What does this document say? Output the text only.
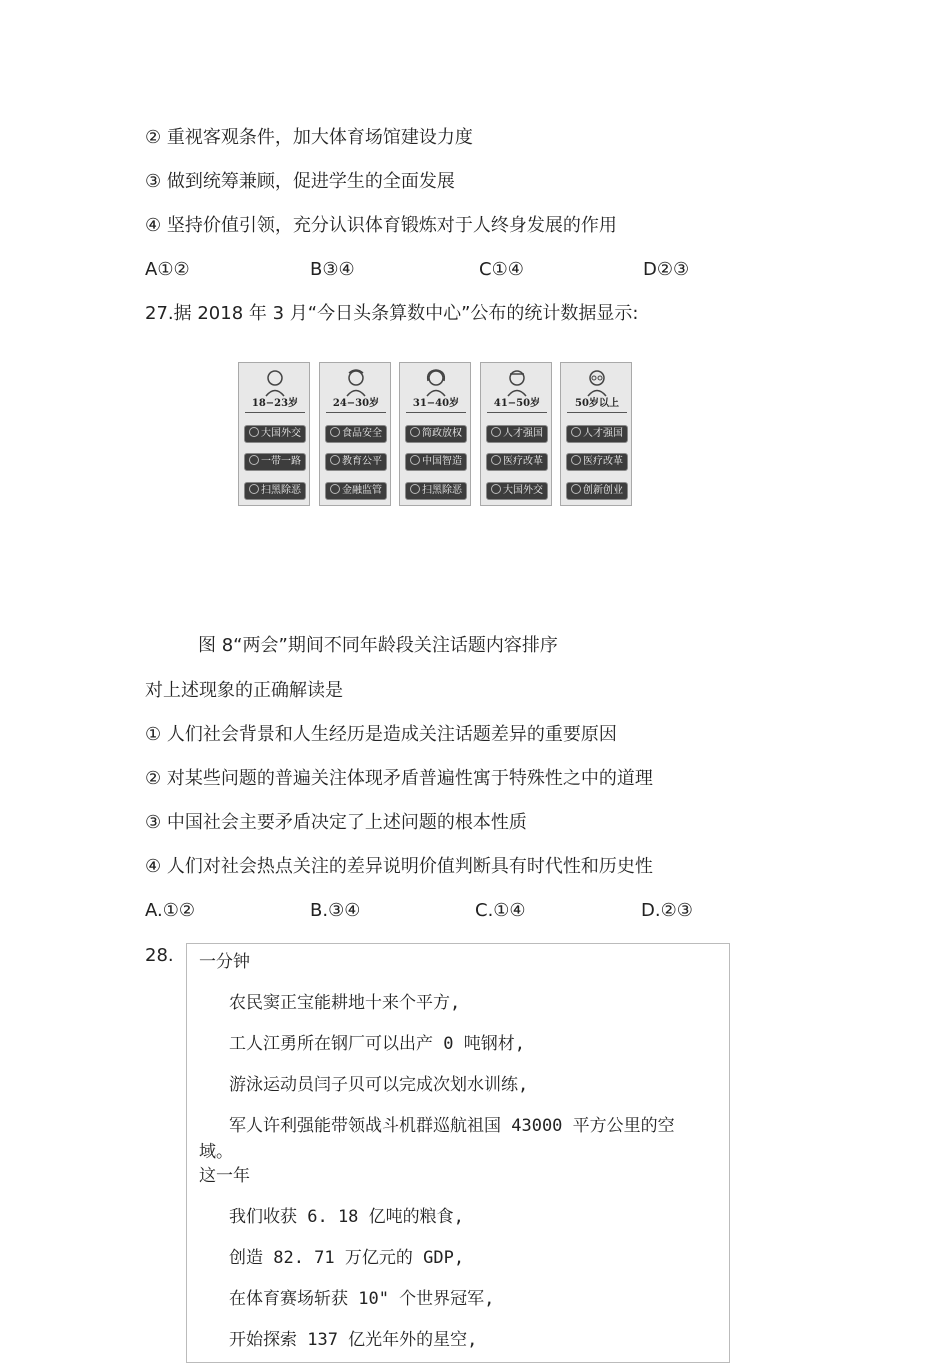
② 重视客观条件，加大体育场馆建设力度
③ 做到统筹兼顾，促进学生的全面发展
④ 坚持价值引领，充分认识体育锻炼对于人终身发展的作用
A①②	B③④	C①④	D②③
27.据 2018 年 3 月“今日头条算数中心”公布的统计数据显示:
18−23岁
大国外交
一带一路
扫黑除恶
24−30岁
食品安全
教育公平
金融监管
31−40岁
简政放权
中国智造
扫黑除恶
41−50岁
人才强国
医疗改革
大国外交
50岁以上
人才强国
医疗改革
创新创业
图 8“两会”期间不同年龄段关注话题内容排序
对上述现象的正确解读是
① 人们社会背景和人生经历是造成关注话题差异的重要原因
② 对某些问题的普遍关注体现矛盾普遍性寓于特殊性之中的道理
③ 中国社会主要矛盾决定了上述问题的根本性质
④ 人们对社会热点关注的差异说明价值判断具有时代性和历史性
A.①②	B.③④	C.①④	D.②③
28. 一分钟
农民窦正宝能耕地十来个平方,
工人江勇所在钢厂可以出产 0 吨钢材,
游泳运动员闫子贝可以完成次划水训练,
军人许利强能带领战斗机群巡航祖国 43000 平方公里的空
域。
这一年
我们收获 6. 18 亿吨的粮食,
创造 82. 71 万亿元的 GDP,
在体育赛场斩获 10" 个世界冠军,
开始探索 137 亿光年外的星空,
